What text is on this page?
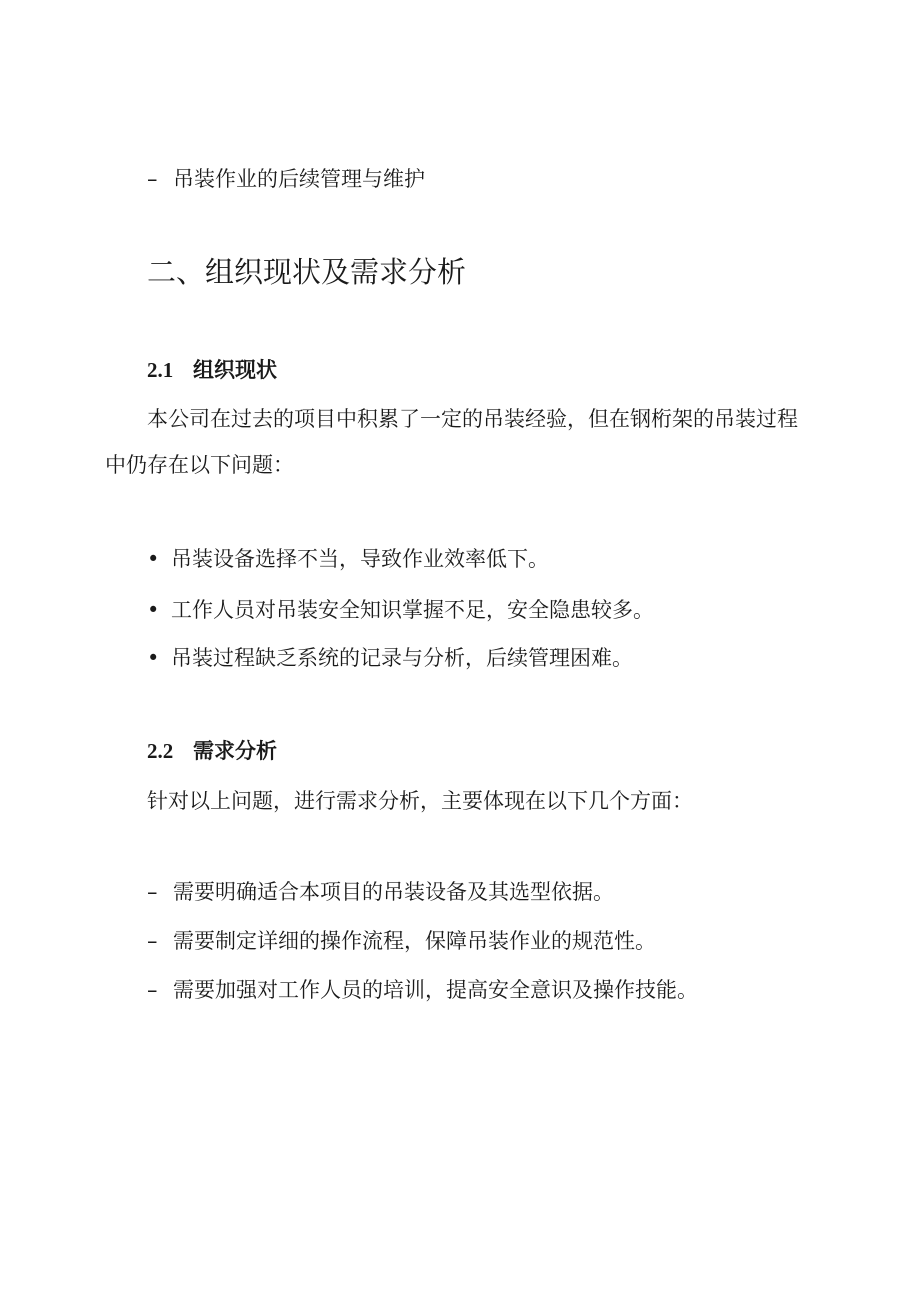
– 吊装作业的后续管理与维护
二、组织现状及需求分析
2.1 组织现状

本公司在过去的项目中积累了一定的吊装经验，但在钢桁架的吊装过程中仍存在以下问题：

• 吊装设备选择不当，导致作业效率低下。
• 工作人员对吊装安全知识掌握不足，安全隐患较多。
• 吊装过程缺乏系统的记录与分析，后续管理困难。
2.2 需求分析

针对以上问题，进行需求分析，主要体现在以下几个方面：

– 需要明确适合本项目的吊装设备及其选型依据。
– 需要制定详细的操作流程，保障吊装作业的规范性。
– 需要加强对工作人员的培训，提高安全意识及操作技能。
